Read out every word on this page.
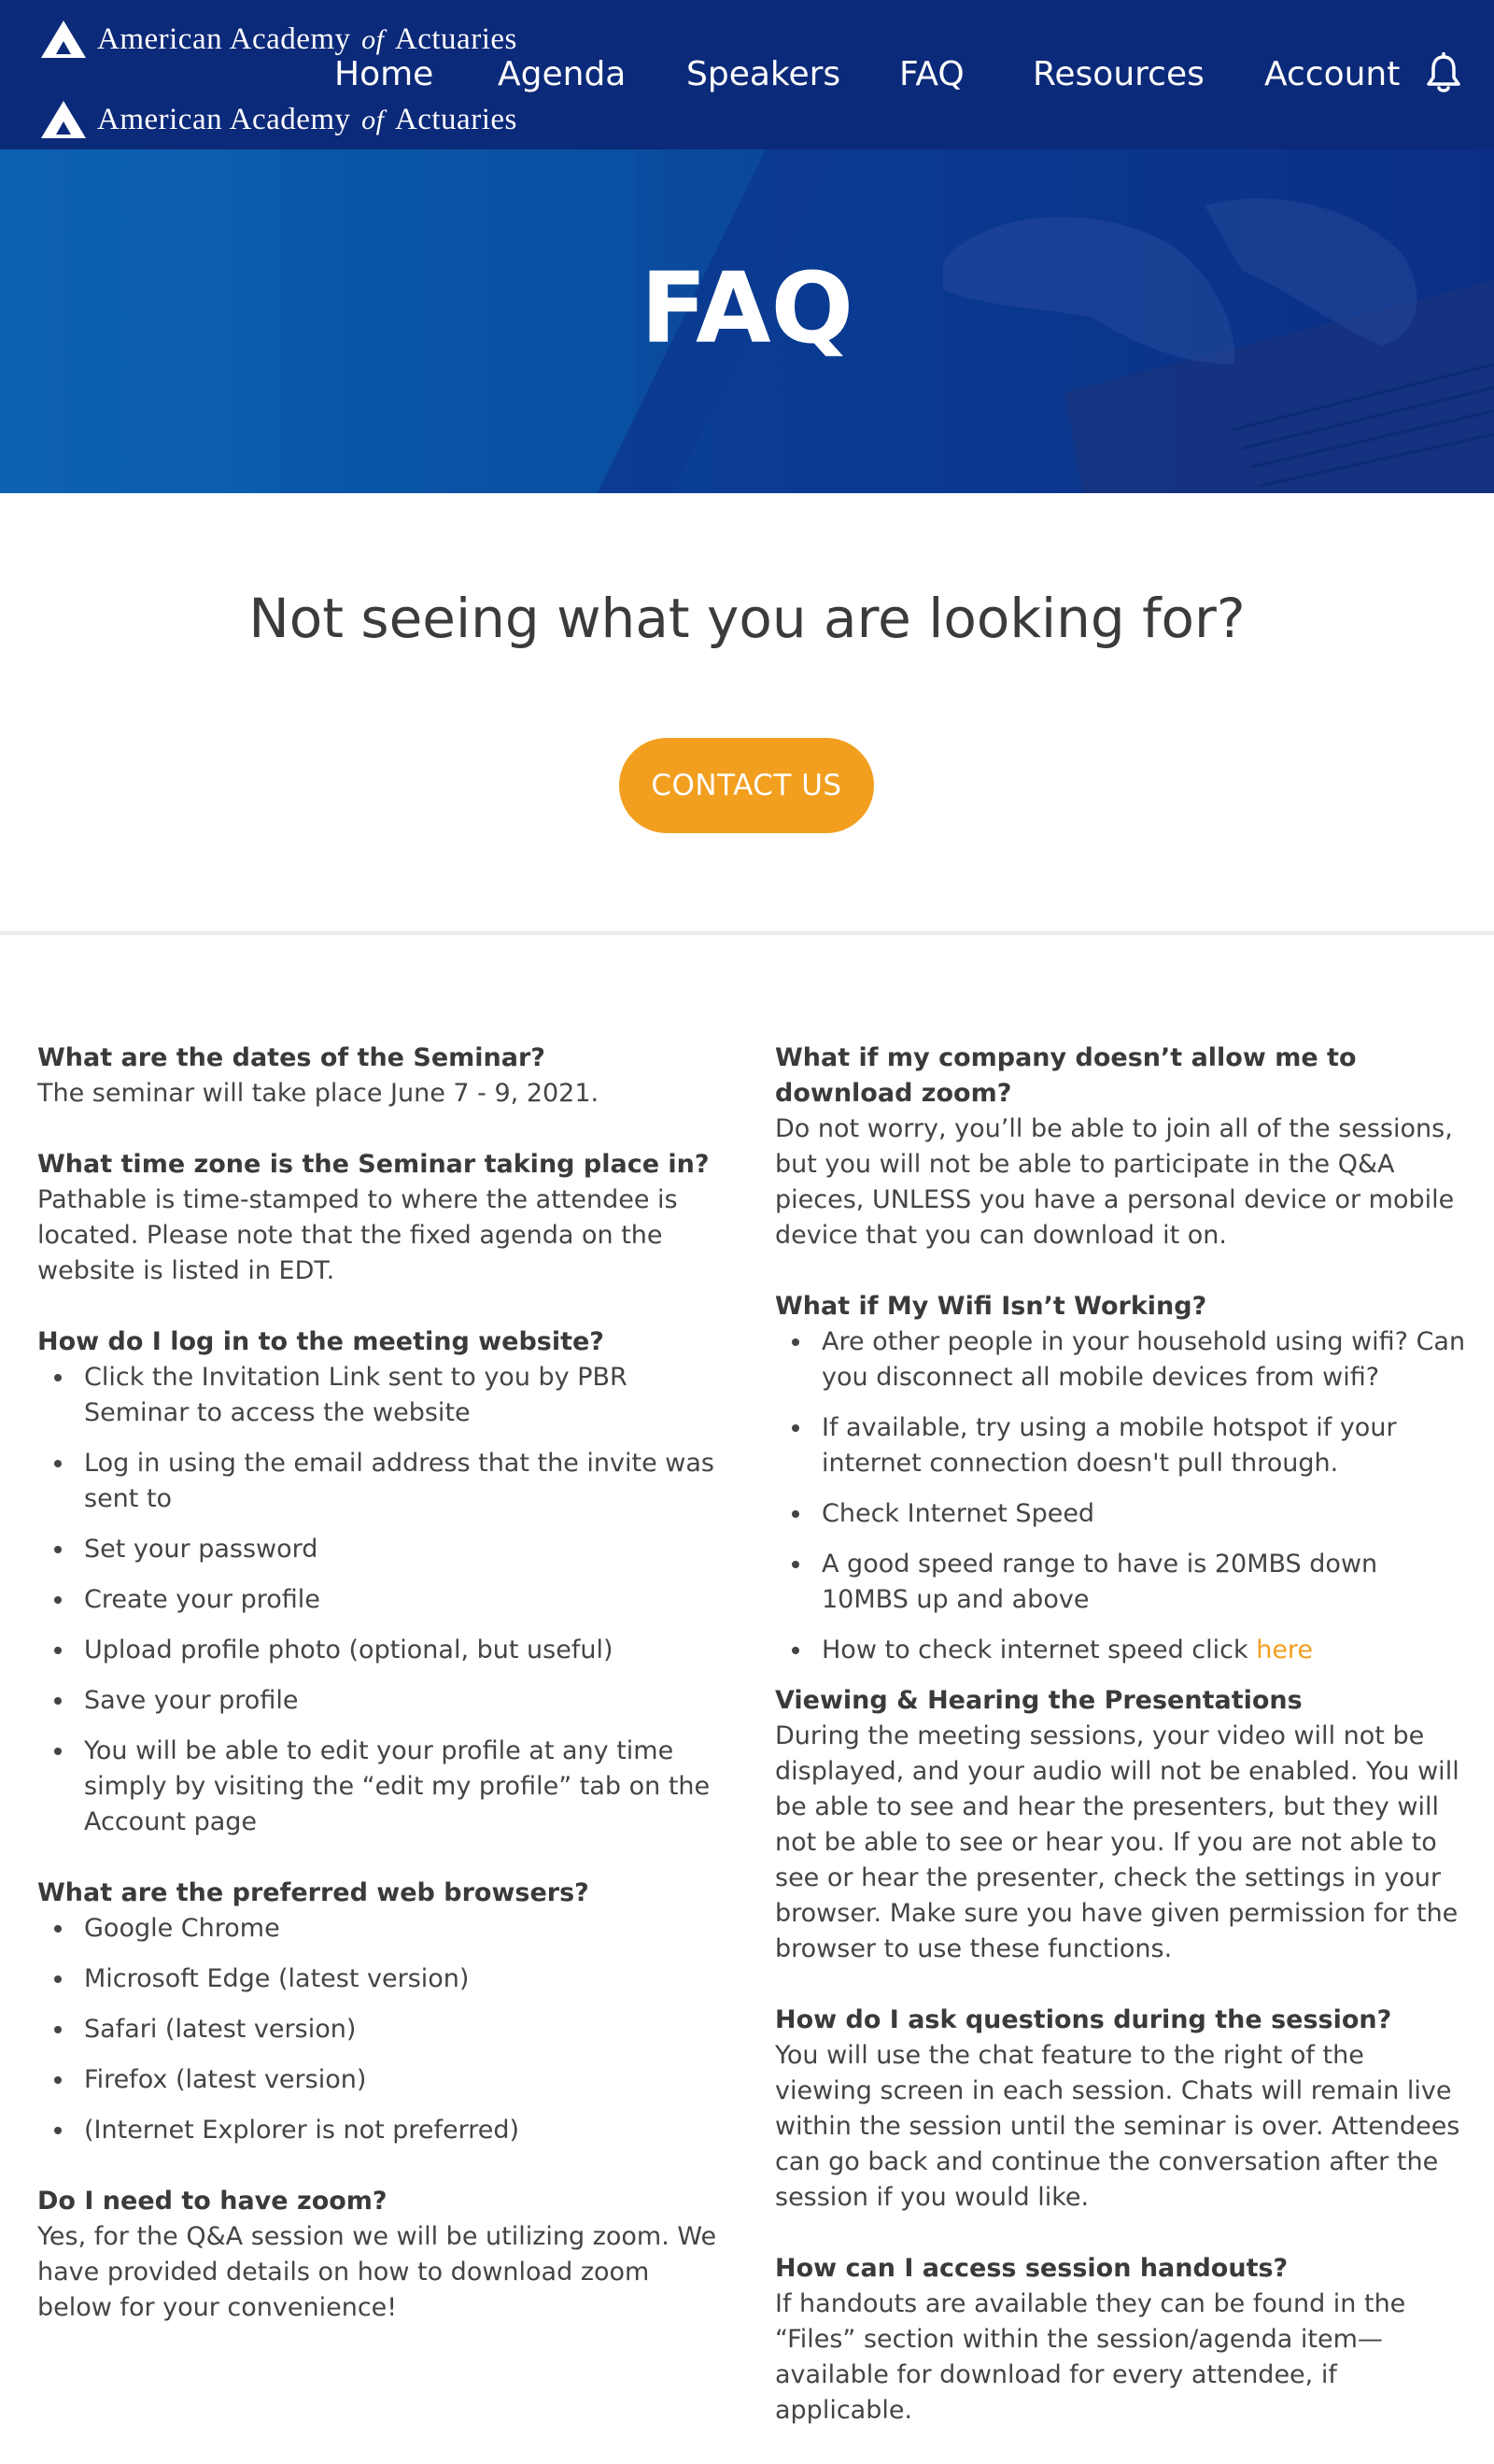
American Academy of Actuaries
Home Agenda Speakers FAQ Resources Account
American Academy of Actuaries
FAQ
Not seeing what you are looking for?
CONTACT US
What are the dates of the Seminar?

The seminar will take place June 7 - 9, 2021.

What time zone is the Seminar taking place in?

Pathable is time-stamped to where the attendee is located. Please note that the fixed agenda on the website is listed in EDT.

How do I log in to the meeting website?
Click the Invitation Link sent to you by PBR Seminar to access the website
Log in using the email address that the invite was sent to
Set your password
Create your profile
Upload profile photo (optional, but useful)
Save your profile
You will be able to edit your profile at any time simply by visiting the “edit my profile” tab on the Account page
What are the preferred web browsers?
Google Chrome
Microsoft Edge (latest version)
Safari (latest version)
Firefox (latest version)
(Internet Explorer is not preferred)
Do I need to have zoom?

Yes, for the Q&A session we will be utilizing zoom. We have provided details on how to download zoom below for your convenience!

What if my company doesn’t allow me to download zoom?

Do not worry, you’ll be able to join all of the sessions, but you will not be able to participate in the Q&A pieces, UNLESS you have a personal device or mobile device that you can download it on.

What if My Wifi Isn’t Working?
Are other people in your household using wifi? Can you disconnect all mobile devices from wifi?
If available, try using a mobile hotspot if your internet connection doesn't pull through.
Check Internet Speed
A good speed range to have is 20MBS down 10MBS up and above
How to check internet speed click here
Viewing & Hearing the Presentations

During the meeting sessions, your video will not be displayed, and your audio will not be enabled. You will be able to see and hear the presenters, but they will not be able to see or hear you. If you are not able to see or hear the presenter, check the settings in your browser. Make sure you have given permission for the browser to use these functions.

How do I ask questions during the session?

You will use the chat feature to the right of the viewing screen in each session. Chats will remain live within the session until the seminar is over. Attendees can go back and continue the conversation after the session if you would like.

How can I access session handouts?

If handouts are available they can be found in the “Files” section within the session/agenda item—available for download for every attendee, if applicable.
